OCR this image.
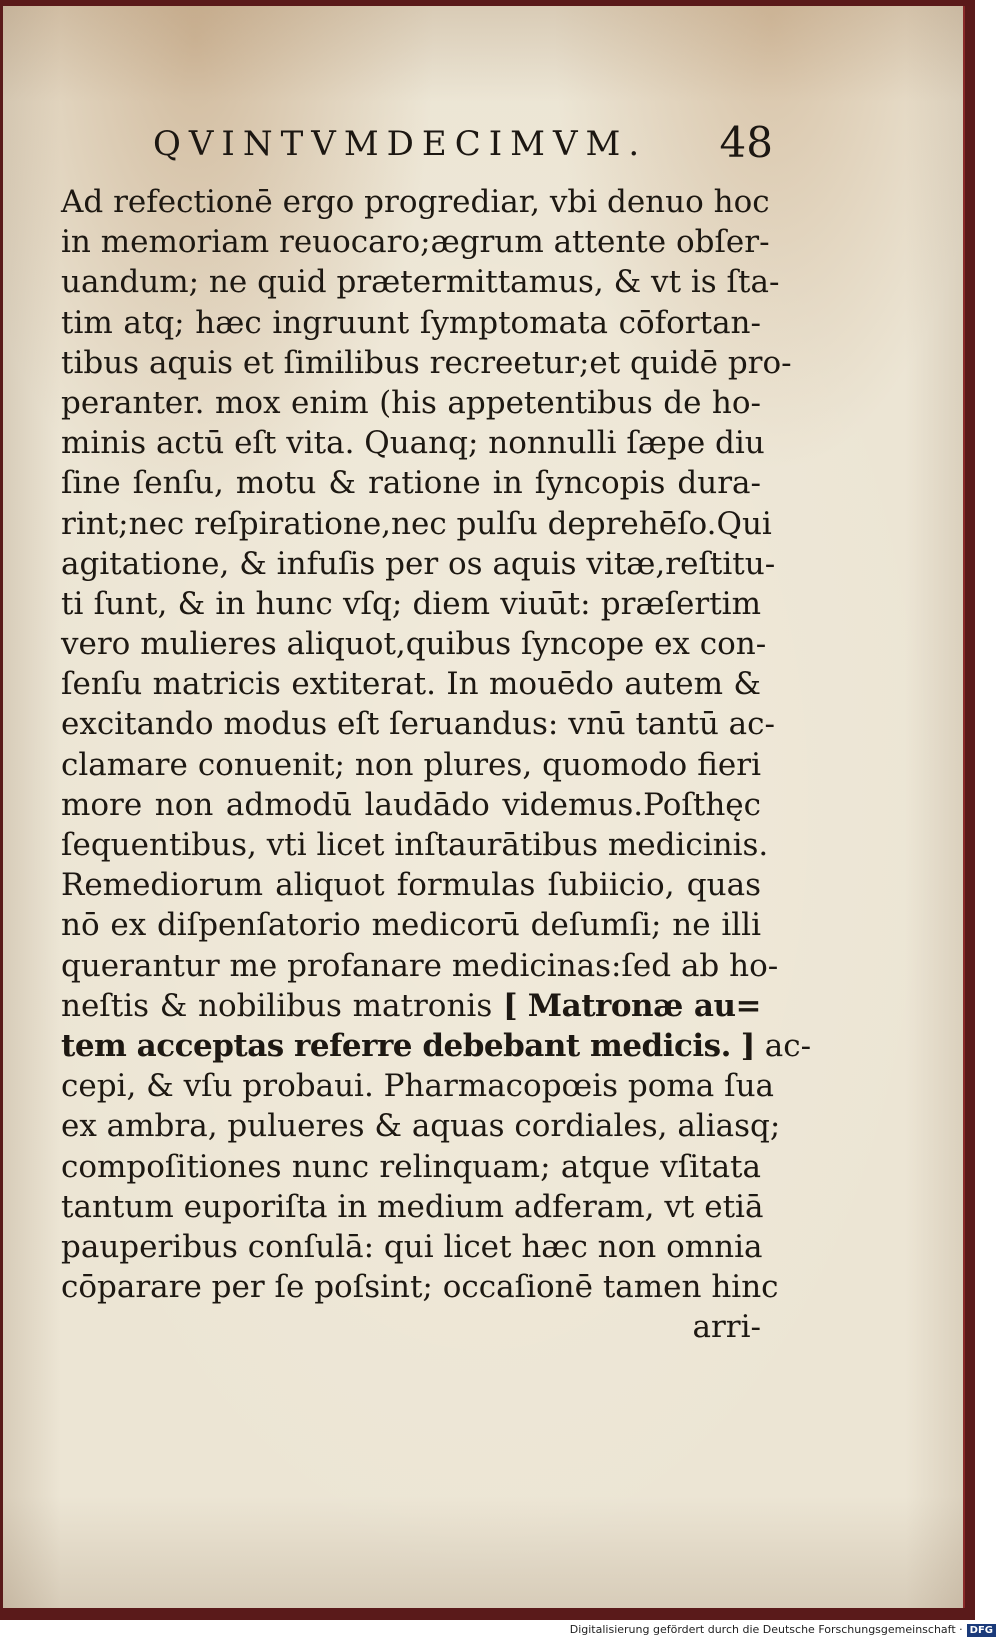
QVINTVMDECIMVM. 48
Ad refectionē ergo progrediar, vbi denuo hoc
in memoriam reuocaro;ægrum attente obſer-
uandum; ne quid prætermittamus, & vt is ſta-
tim atq; hæc ingruunt ſymptomata cōfortan-
tibus aquis et ſimilibus recreetur;et quidē pro-
peranter. mox enim (his appetentibus de ho-
minis actū eſt vita. Quanq; nonnulli ſæpe diu
ſine ſenſu, motu & ratione in ſyncopis dura-
rint;nec reſpiratione,nec pulſu deprehēſo.Qui
agitatione, & infuſis per os aquis vitæ,reſtitu-
ti ſunt, & in hunc vſq; diem viuūt: præſertim
vero mulieres aliquot,quibus ſyncope ex con-
ſenſu matricis extiterat. In mouēdo autem &
excitando modus eſt ſeruandus: vnū tantū ac-
clamare conuenit; non plures, quomodo fieri
more non admodū laudādo videmus.Poſthęc
ſequentibus, vti licet inſtaurātibus medicinis.
Remediorum aliquot formulas ſubiicio, quas
nō ex diſpenſatorio medicorū deſumſi; ne illi
querantur me profanare medicinas:ſed ab ho-
neſtis & nobilibus matronis [ Matronæ au=
tem acceptas referre debebant medicis. ] ac-
cepi, & vſu probaui. Pharmacopœis poma ſua
ex ambra, pulueres & aquas cordiales, aliasq;
compoſitiones nunc relinquam; atque vſitata
tantum euporiſta in medium adferam, vt etiā
pauperibus conſulā: qui licet hæc non omnia
cōparare per ſe poſsint; occaſionē tamen hinc
arri-
Digitalisierung gefördert durch die Deutsche Forschungsgemeinschaft · DFG
